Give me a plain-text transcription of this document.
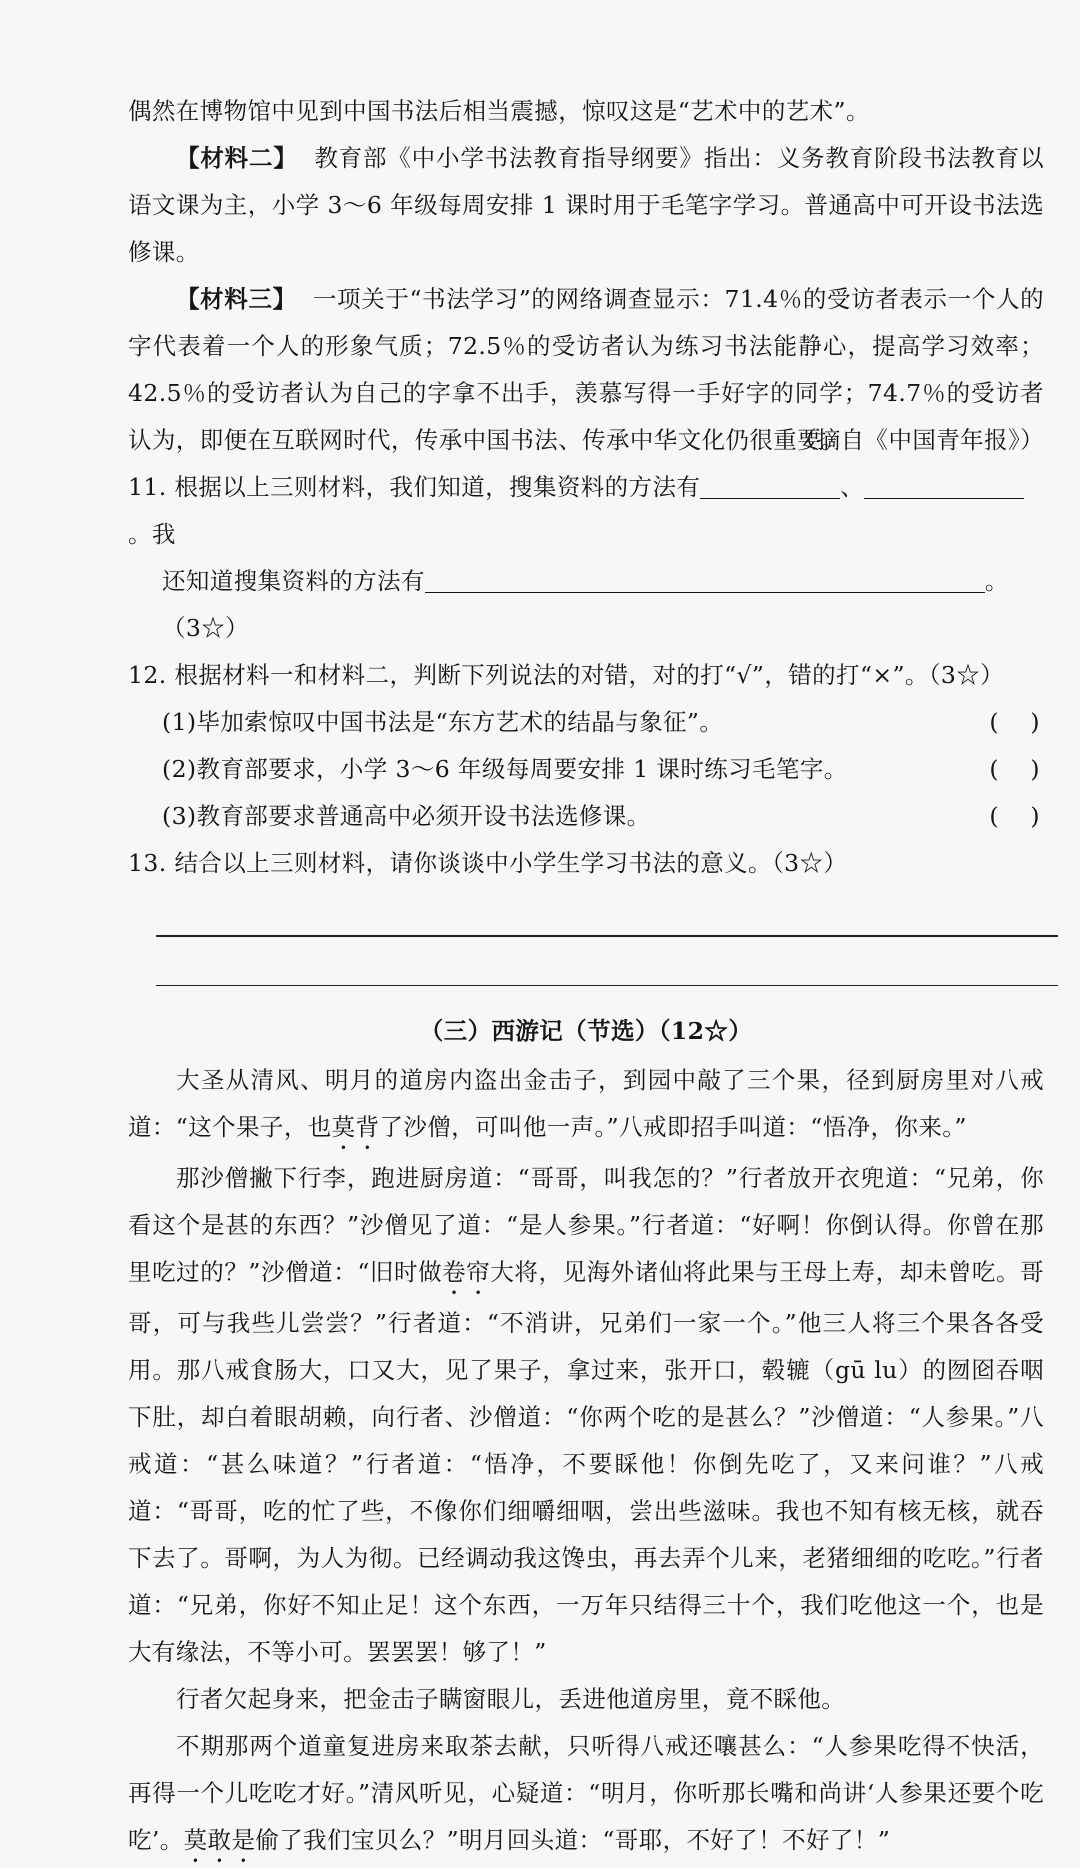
偶然在博物馆中见到中国书法后相当震撼，惊叹这是“艺术中的艺术”。

【材料二】 教育部《中小学书法教育指导纲要》指出：义务教育阶段书法教育以语文课为主，小学 3～6 年级每周安排 1 课时用于毛笔字学习。普通高中可开设书法选修课。

【材料三】 一项关于“书法学习”的网络调查显示：71.4％的受访者表示一个人的字代表着一个人的形象气质；72.5％的受访者认为练习书法能静心，提高学习效率；42.5％的受访者认为自己的字拿不出手，羡慕写得一手好字的同学；74.7％的受访者认为，即便在互联网时代，传承中国书法、传承中华文化仍很重要。

（摘自《中国青年报》）

11. 根据以上三则材料，我们知道，搜集资料的方法有	、。我

还知道搜集资料的方法有	。（3☆）

12. 根据材料一和材料二，判断下列说法的对错，对的打“√”，错的打“×”。（3☆）

(1)毕加索惊叹中国书法是“东方艺术的结晶与象征”。	(    )
(2)教育部要求，小学 3～6 年级每周要安排 1 课时练习毛笔字。	(    )
(3)教育部要求普通高中必须开设书法选修课。	(    )

13. 结合以上三则材料，请你谈谈中小学生学习书法的意义。（3☆）

（三）西游记（节选）（12☆）

大圣从清风、明月的道房内盗出金击子，到园中敲了三个果，径到厨房里对八戒道：“这个果子，也莫背了沙僧，可叫他一声。”八戒即招手叫道：“悟净，你来。”

那沙僧撇下行李，跑进厨房道：“哥哥，叫我怎的？”行者放开衣兜道：“兄弟，你看这个是甚的东西？”沙僧见了道：“是人参果。”行者道：“好啊！你倒认得。你曾在那里吃过的？”沙僧道：“旧时做卷帘大将，见海外诸仙将此果与王母上寿，却未曾吃。哥哥，可与我些儿尝尝？”行者道：“不消讲，兄弟们一家一个。”他三人将三个果各各受用。那八戒食肠大，口又大，见了果子，拿过来，张开口，毂辘（gū lu）的囫囵吞咽下肚，却白着眼胡赖，向行者、沙僧道：“你两个吃的是甚么？”沙僧道：“人参果。”八戒道：“甚么味道？”行者道：“悟净，不要睬他！你倒先吃了，又来问谁？”八戒道：“哥哥，吃的忙了些，不像你们细嚼细咽，尝出些滋味。我也不知有核无核，就吞下去了。哥啊，为人为彻。已经调动我这馋虫，再去弄个儿来，老猪细细的吃吃。”行者道：“兄弟，你好不知止足！这个东西，一万年只结得三十个，我们吃他这一个，也是大有缘法，不等小可。罢罢罢！够了！”

行者欠起身来，把金击子瞒窗眼儿，丢进他道房里，竟不睬他。

不期那两个道童复进房来取茶去献，只听得八戒还嚷甚么：“人参果吃得不快活，再得一个儿吃吃才好。”清风听见，心疑道：“明月，你听那长嘴和尚讲‘人参果还要个吃吃’。莫敢是偷了我们宝贝么？”明月回头道：“哥耶，不好了！不好了！”
